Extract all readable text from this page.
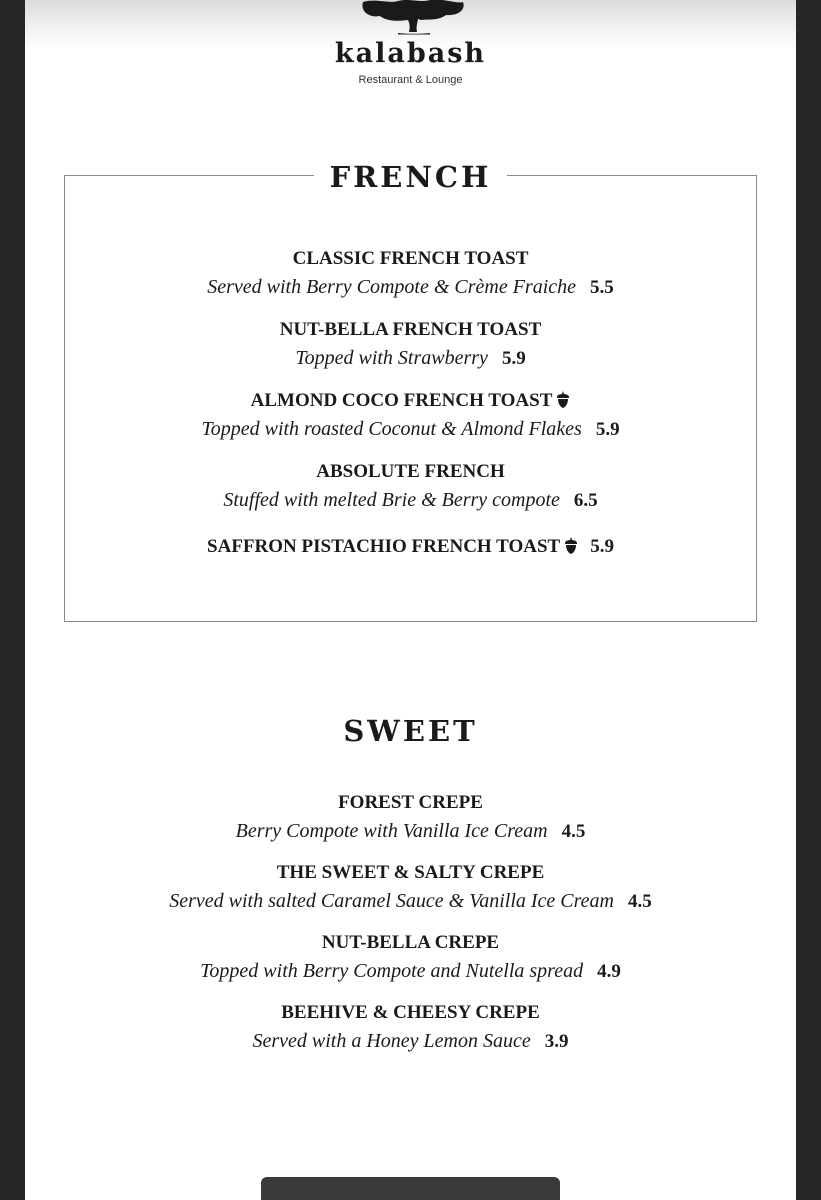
kalabash
Restaurant & Lounge
FRENCH
CLASSIC FRENCH TOAST
Served with Berry Compote & Crème Fraiche 5.5
NUT-BELLA FRENCH TOAST
Topped with Strawberry 5.9
ALMOND COCO FRENCH TOAST
Topped with roasted Coconut & Almond Flakes 5.9
ABSOLUTE FRENCH
Stuffed with melted Brie & Berry compote 6.5
SAFFRON PISTACHIO FRENCH TOAST 5.9
SWEET
FOREST CREPE
Berry Compote with Vanilla Ice Cream 4.5
THE SWEET & SALTY CREPE
Served with salted Caramel Sauce & Vanilla Ice Cream 4.5
NUT-BELLA CREPE
Topped with Berry Compote and Nutella spread 4.9
BEEHIVE & CHEESY CREPE
Served with a Honey Lemon Sauce 3.9
